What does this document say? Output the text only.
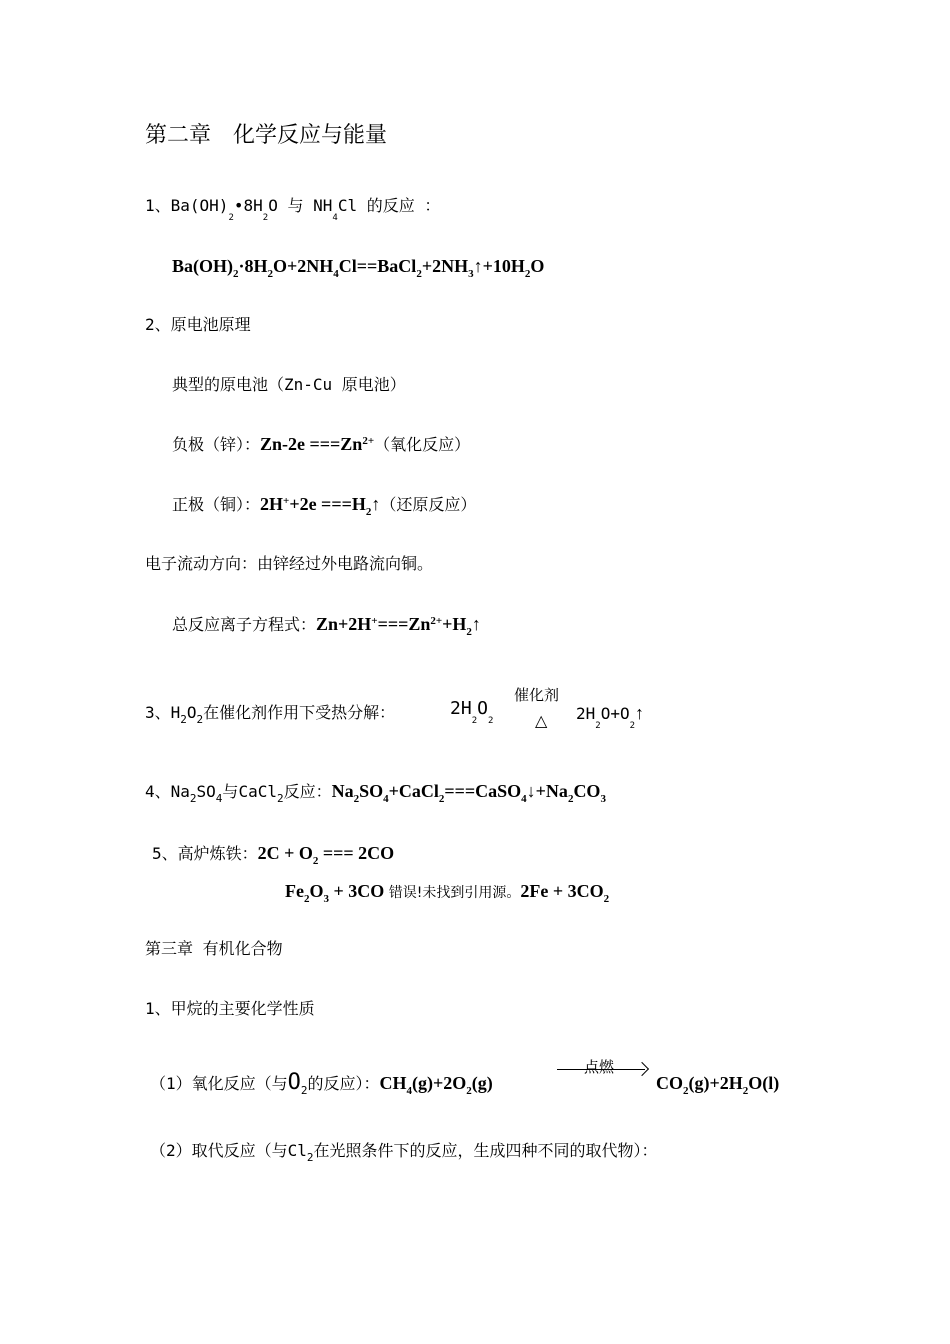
第二章　化学反应与能量
1、$Ba(OH)_2•8H_2O$ 与 $NH_4Cl$ 的反应 ：
$Ba(OH)_2\cdot 8H_2O+2NH_4Cl==BaCl_2+2NH_3↑+10H_2O$
2、原电池原理
典型的原电池（Zn-Cu 原电池）
负极（锌）：$Zn-2e ===Zn^{2+}$（氧化反应）
正极（铜）：$2H^++2e ===H_2↑$（还原反应）
电子流动方向：由锌经过外电路流向铜。
总反应离子方程式：$Zn+2H^+===Zn^{2+}+H_2↑$
3、$H_2O_2$在催化剂作用下受热分解：	$2H_2O_2$
催化剂
△ $2H_2O+O_2↑$
4、$Na_2SO_4$与CaCl$_2$反应：$Na_2SO_4+CaCl_2===CaSO_4↓+Na_2CO_3$
5、高炉炼铁：$2C + O_2$ === 2CO
$Fe_2O_3 + 3CO$ 错误!未找到引用源。$2Fe + 3CO_2$
第三章 有机化合物
1、甲烷的主要化学性质
（1）氧化反应（与$O_2$的反应）：$CH_4(g)+2O_2(g)$
点燃
$CO_2(g)+2H_2O(l)$
（2）取代反应（与$Cl_2$在光照条件下的反应，生成四种不同的取代物）：
